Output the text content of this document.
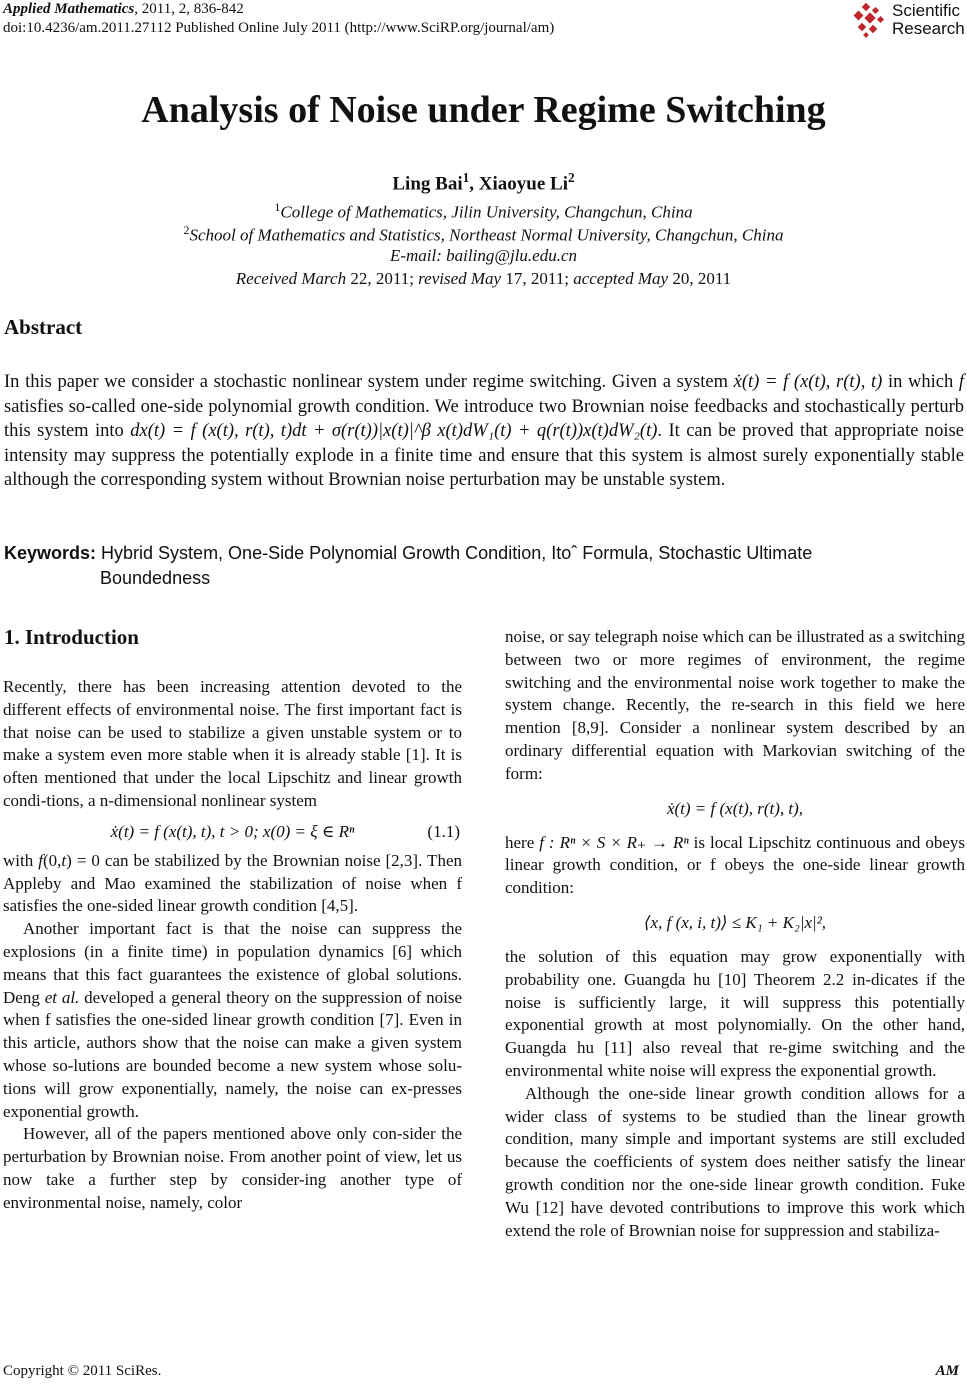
Applied Mathematics, 2011, 2, 836-842
doi:10.4236/am.2011.27112 Published Online July 2011 (http://www.SciRP.org/journal/am)
Scientific
Research
Analysis of Noise under Regime Switching
Ling Bai$^1$, Xiaoyue Li$^2$
$^1$College of Mathematics, Jilin University, Changchun, China
$^2$School of Mathematics and Statistics, Northeast Normal University, Changchun, China
E-mail: bailing@jlu.edu.cn
Received March 22, 2011; revised May 17, 2011; accepted May 20, 2011
Abstract
In this paper we consider a stochastic nonlinear system under regime switching. Given a system ẋ(t) = f (x(t), r(t), t) in which f satisfies so-called one-side polynomial growth condition. We introduce two Brownian noise feedbacks and stochastically perturb this system into dx(t) = f (x(t), r(t), t)dt + σ(r(t))|x(t)|^β x(t)dW₁(t) + q(r(t))x(t)dW₂(t). It can be proved that appropriate noise intensity may suppress the potentially explode in a finite time and ensure that this system is almost surely exponentially stable although the corresponding system without Brownian noise perturbation may be unstable system.
Keywords: Hybrid System, One-Side Polynomial Growth Condition, Itoˆ Formula, Stochastic Ultimate
Boundedness
1. Introduction

Recently, there has been increasing attention devoted to the different effects of environmental noise. The first important fact is that noise can be used to stabilize a given unstable system or to make a system even more stable when it is already stable [1]. It is often mentioned that under the local Lipschitz and linear growth condi-tions, a n-dimensional nonlinear system

ẋ(t) = f (x(t), t), t > 0; x(0) = ξ ∈ Rⁿ	(1.1)

with f(0,t) = 0 can be stabilized by the Brownian noise [2,3]. Then Appleby and Mao examined the stabilization of noise when f satisfies the one-sided linear growth condition [4,5].

Another important fact is that the noise can suppress the explosions (in a finite time) in population dynamics [6] which means that this fact guarantees the existence of global solutions. Deng et al. developed a general theory on the suppression of noise when f satisfies the one-sided linear growth condition [7]. Even in this article, authors show that the noise can make a given system whose so-lutions are bounded become a new system whose solu-tions will grow exponentially, namely, the noise can ex-presses exponential growth.

However, all of the papers mentioned above only con-sider the perturbation by Brownian noise. From another point of view, let us now take a further step by consider-ing another type of environmental noise, namely, color

noise, or say telegraph noise which can be illustrated as a switching between two or more regimes of environment, the regime switching and the environmental noise work together to make the system change. Recently, the re-search in this field we here mention [8,9]. Consider a nonlinear system described by an ordinary differential equation with Markovian switching of the form:

ẋ(t) = f (x(t), r(t), t),

here f : Rⁿ × S × R₊ → Rⁿ is local Lipschitz continuous and obeys linear growth condition, or f obeys the one-side linear growth condition:

⟨x, f (x, i, t)⟩ ≤ K₁ + K₂|x|²,

the solution of this equation may grow exponentially with probability one. Guangda hu [10] Theorem 2.2 in-dicates if the noise is sufficiently large, it will suppress this potentially exponential growth at most polynomially. On the other hand, Guangda hu [11] also reveal that re-gime switching and the environmental white noise will express the exponential growth.

Although the one-side linear growth condition allows for a wider class of systems to be studied than the linear growth condition, many simple and important systems are still excluded because the coefficients of system does neither satisfy the linear growth condition nor the one-side linear growth condition. Fuke Wu [12] have devoted contributions to improve this work which extend the role of Brownian noise for suppression and stabiliza-

Copyright © 2011 SciRes.	AM
